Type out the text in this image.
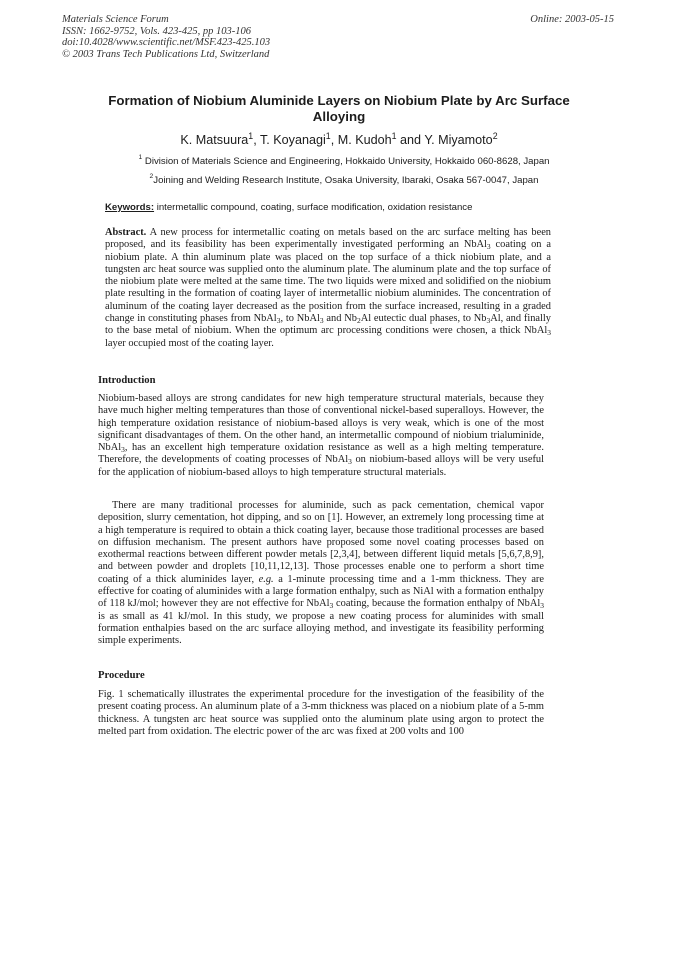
Materials Science Forum
ISSN: 1662-9752, Vols. 423-425, pp 103-106
doi:10.4028/www.scientific.net/MSF.423-425.103
© 2003 Trans Tech Publications Ltd, Switzerland
Online: 2003-05-15
Formation of Niobium Aluminide Layers on Niobium Plate by Arc Surface Alloying
K. Matsuura$^1$, T. Koyanagi$^1$, M. Kudoh$^1$ and Y. Miyamoto$^2$
$^1$ Division of Materials Science and Engineering, Hokkaido University, Hokkaido 060-8628, Japan
$^2$Joining and Welding Research Institute, Osaka University, Ibaraki, Osaka 567-0047, Japan
Keywords: intermetallic compound, coating, surface modification, oxidation resistance

Abstract. A new process for intermetallic coating on metals based on the arc surface melting has been proposed, and its feasibility has been experimentally investigated performing an NbAl$_3$ coating on a niobium plate. A thin aluminum plate was placed on the top surface of a thick niobium plate, and a tungsten arc heat source was supplied onto the aluminum plate. The aluminum plate and the top surface of the niobium plate were melted at the same time. The two liquids were mixed and solidified on the niobium plate resulting in the formation of coating layer of intermetallic niobium aluminides. The concentration of aluminum of the coating layer decreased as the position from the surface increased, resulting in a graded change in constituting phases from NbAl$_3$, to NbAl$_3$ and $Nb_2Al$ eutectic dual phases, to $Nb_3Al$, and finally to the base metal of niobium. When the optimum arc processing conditions were chosen, a thick NbAl$_3$ layer occupied most of the coating layer.

Introduction

Niobium-based alloys are strong candidates for new high temperature structural materials, because they have much higher melting temperatures than those of conventional nickel-based superalloys. However, the high temperature oxidation resistance of niobium-based alloys is very weak, which is one of the most significant disadvantages of them. On the other hand, an intermetallic compound of niobium trialuminide, NbAl$_3$, has an excellent high temperature oxidation resistance as well as a high melting temperature. Therefore, the developments of coating processes of NbAl$_3$ on niobium-based alloys will be very useful for the application of niobium-based alloys to high temperature structural materials.

There are many traditional processes for aluminide, such as pack cementation, chemical vapor deposition, slurry cementation, hot dipping, and so on [1]. However, an extremely long processing time at a high temperature is required to obtain a thick coating layer, because those traditional processes are based on diffusion mechanism. The present authors have proposed some novel coating processes based on exothermal reactions between different powder metals [2,3,4], between different liquid metals [5,6,7,8,9], and between powder and droplets [10,11,12,13]. Those processes enable one to perform a short time coating of a thick aluminides layer, e.g. a 1-minute processing time and a 1-mm thickness. They are effective for coating of aluminides with a large formation enthalpy, such as NiAl with a formation enthalpy of 118 kJ/mol; however they are not effective for NbAl$_3$ coating, because the formation enthalpy of NbAl$_3$ is as small as 41 kJ/mol. In this study, we propose a new coating process for aluminides with small formation enthalpies based on the arc surface alloying method, and investigate its feasibility performing simple experiments.

Procedure

Fig. 1 schematically illustrates the experimental procedure for the investigation of the feasibility of the present coating process. An aluminum plate of a 3-mm thickness was placed on a niobium plate of a 5-mm thickness. A tungsten arc heat source was supplied onto the aluminum plate using argon to protect the melted part from oxidation. The electric power of the arc was fixed at 200 volts and 100
